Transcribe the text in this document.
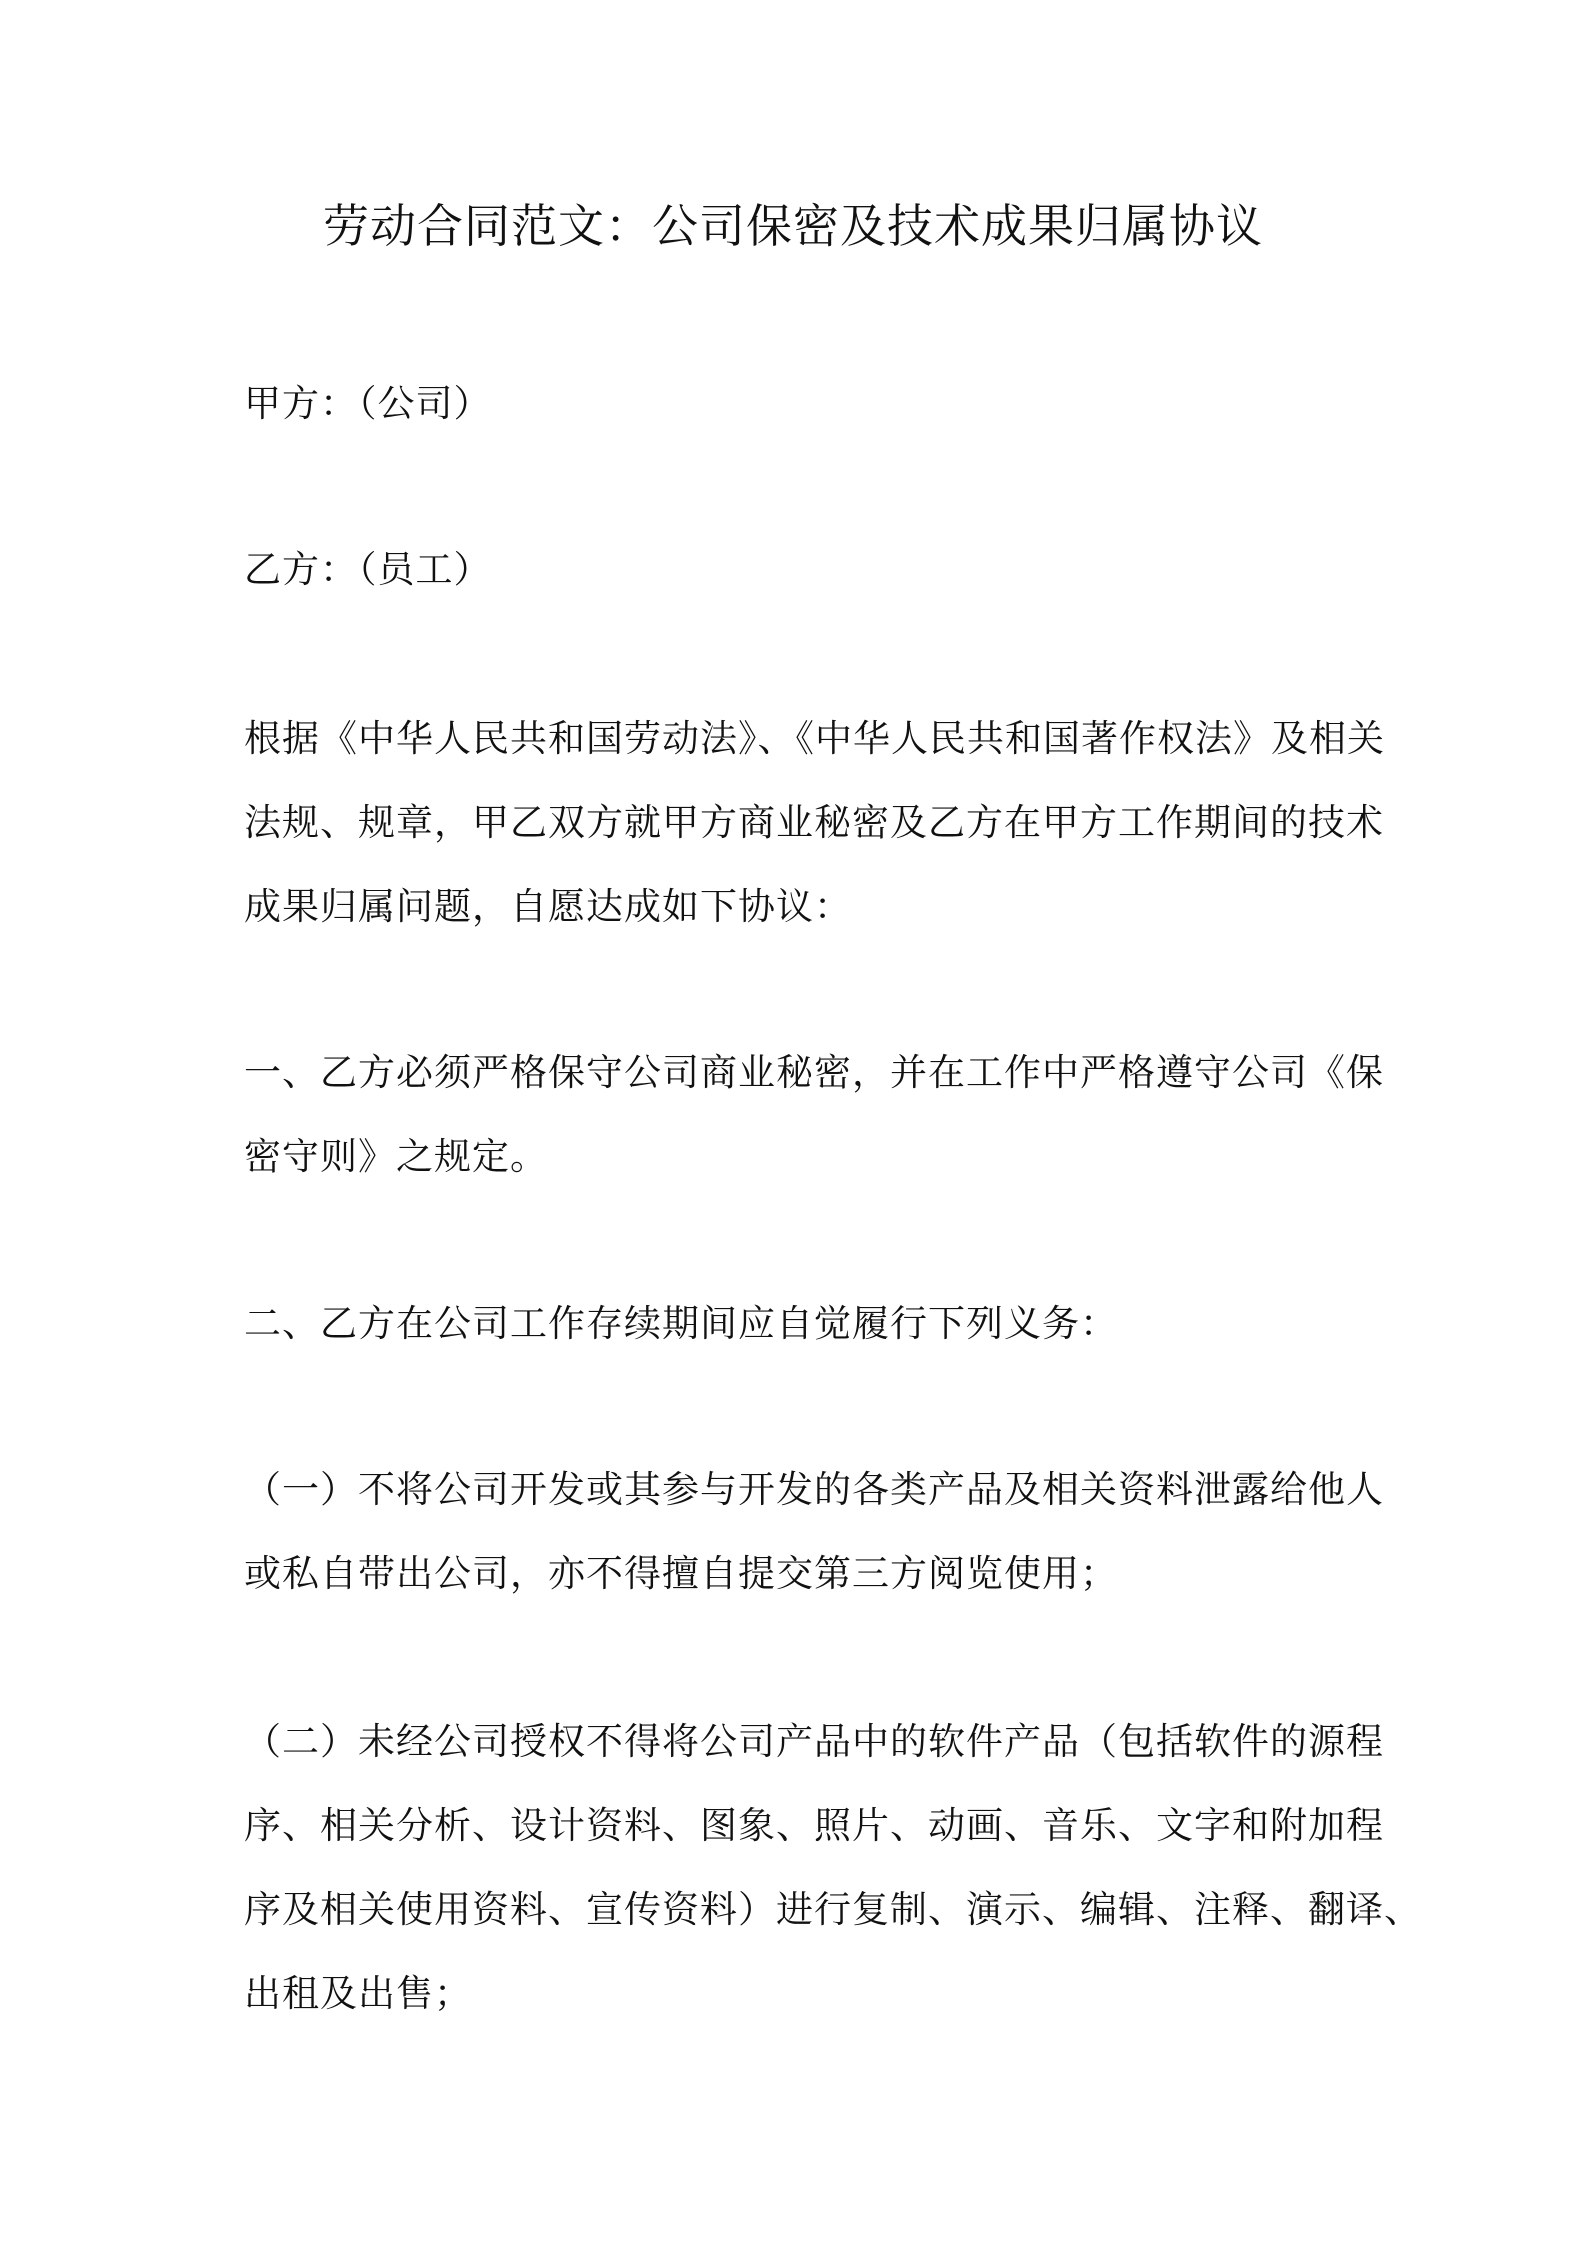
劳动合同范文：公司保密及技术成果归属协议

甲方：（公司）

乙方：（员工）

根据《中华人民共和国劳动法》、《中华人民共和国著作权法》及相关
法规、规章，甲乙双方就甲方商业秘密及乙方在甲方工作期间的技术
成果归属问题，自愿达成如下协议：

一、乙方必须严格保守公司商业秘密，并在工作中严格遵守公司《保
密守则》之规定。

二、乙方在公司工作存续期间应自觉履行下列义务：

（一）不将公司开发或其参与开发的各类产品及相关资料泄露给他人
或私自带出公司，亦不得擅自提交第三方阅览使用；

（二）未经公司授权不得将公司产品中的软件产品（包括软件的源程
序、相关分析、设计资料、图象、照片、动画、音乐、文字和附加程
序及相关使用资料、宣传资料）进行复制、演示、编辑、注释、翻译、
出租及出售；
